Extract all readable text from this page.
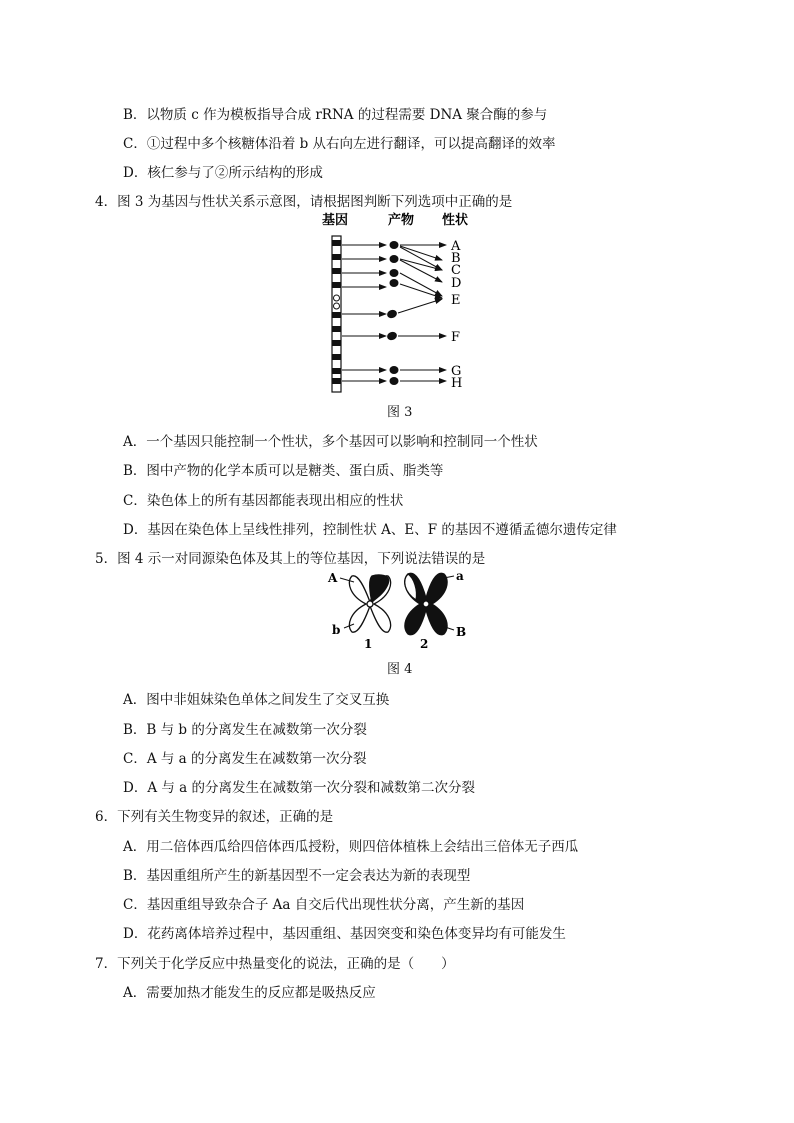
B．以物质 c 作为模板指导合成 rRNA 的过程需要 DNA 聚合酶的参与
C．①过程中多个核糖体沿着 b 从右向左进行翻译，可以提高翻译的效率
D．核仁参与了②所示结构的形成
4．图 3 为基因与性状关系示意图，请根据图判断下列选项中正确的是
基因	产物 性状
A
B
C
D
E
F
G
H
图 3
A．一个基因只能控制一个性状，多个基因可以影响和控制同一个性状
B．图中产物的化学本质可以是糖类、蛋白质、脂类等
C．染色体上的所有基因都能表现出相应的性状
D．基因在染色体上呈线性排列，控制性状 A、E、F 的基因不遵循孟德尔遗传定律
5．图 4 示一对同源染色体及其上的等位基因，下列说法错误的是
A	a
b	B
1	2
图 4
A．图中非姐妹染色单体之间发生了交叉互换
B．B 与 b 的分离发生在减数第一次分裂
C．A 与 a 的分离发生在减数第一次分裂
D．A 与 a 的分离发生在减数第一次分裂和减数第二次分裂
6．下列有关生物变异的叙述，正确的是
A．用二倍体西瓜给四倍体西瓜授粉，则四倍体植株上会结出三倍体无子西瓜
B．基因重组所产生的新基因型不一定会表达为新的表现型
C．基因重组导致杂合子 Aa 自交后代出现性状分离，产生新的基因
D．花药离体培养过程中，基因重组、基因突变和染色体变异均有可能发生
7．下列关于化学反应中热量变化的说法，正确的是（　　）
A．需要加热才能发生的反应都是吸热反应
